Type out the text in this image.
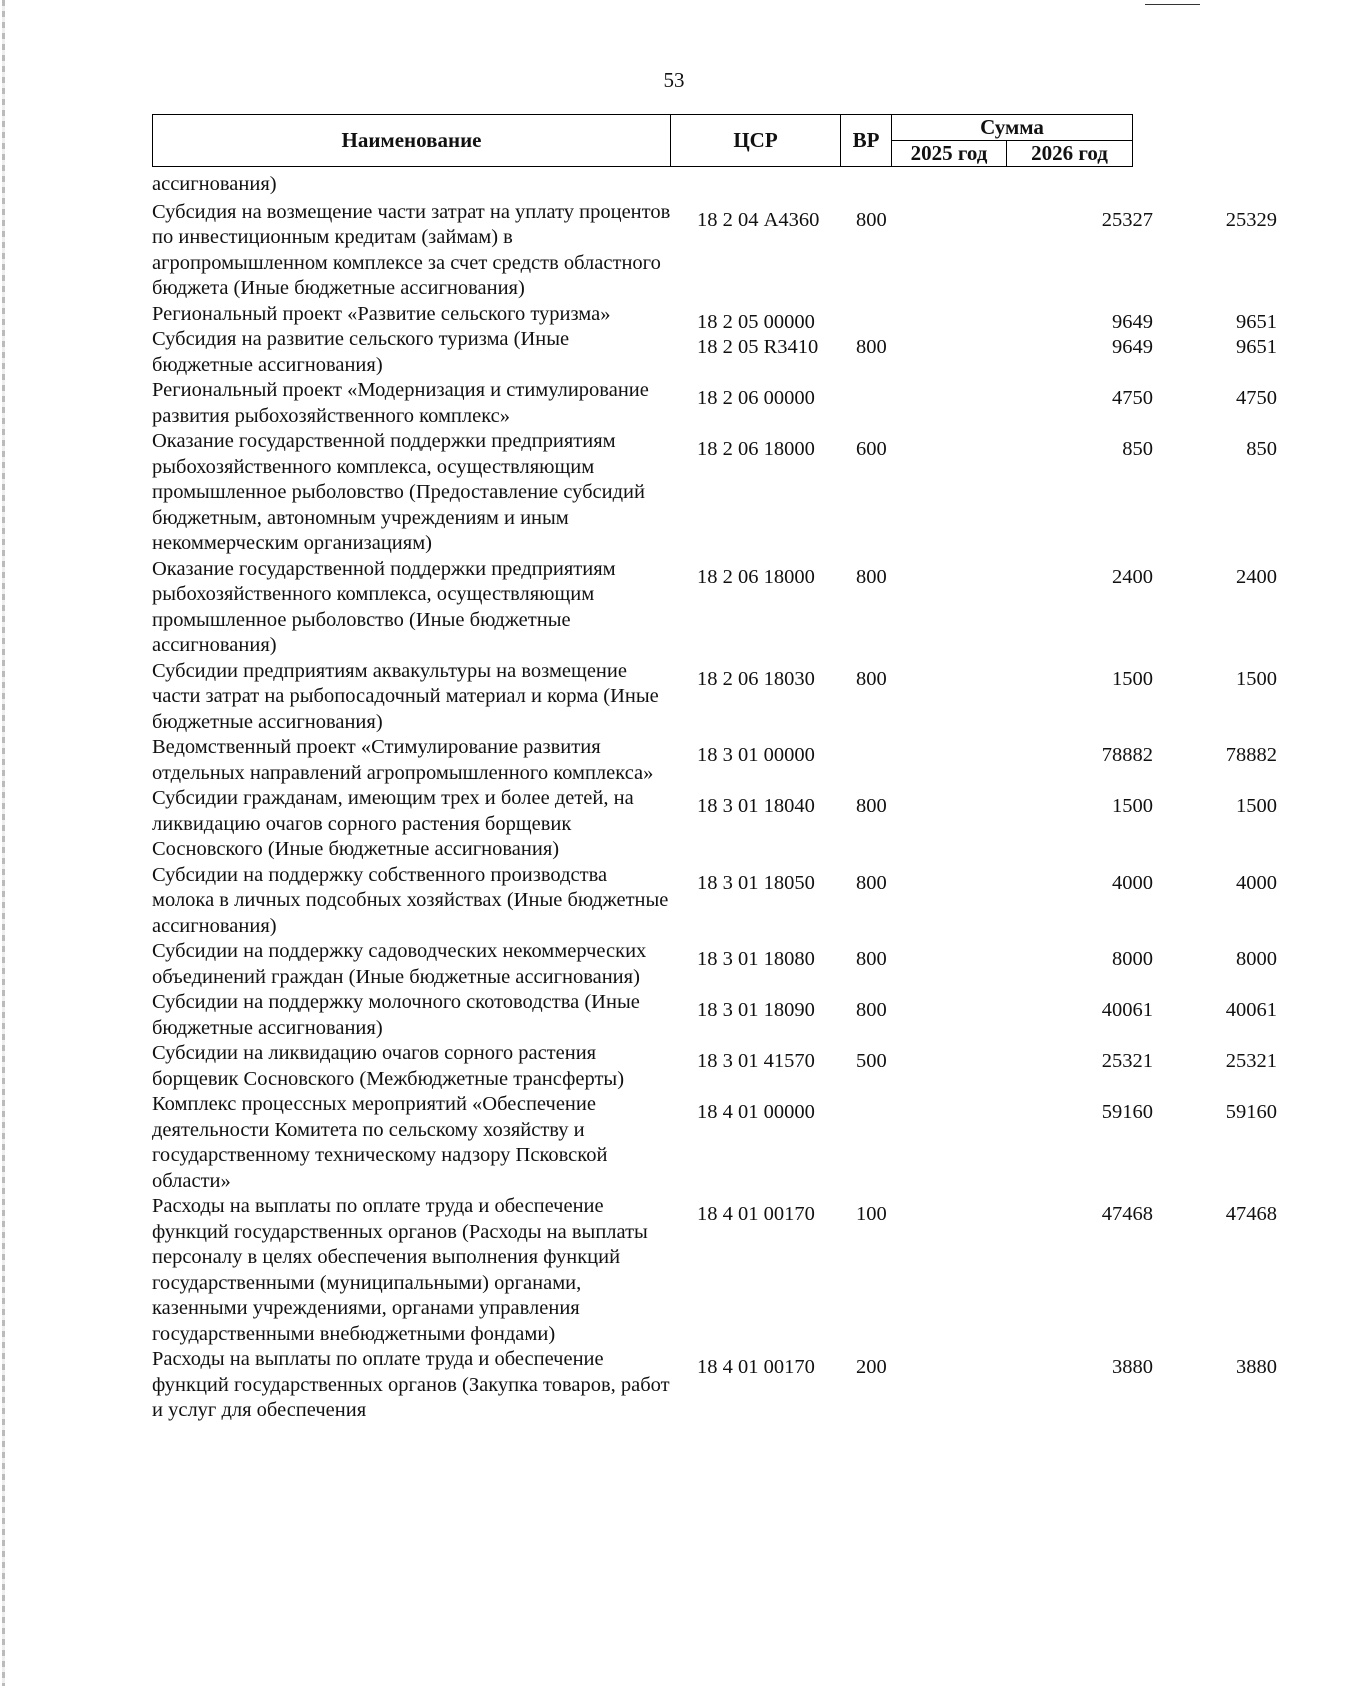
53
Наименование	ЦСР	ВР	Сумма	
			2025 год	2026 год
ассигнования)
Субсидия на возмещение части затрат на уплату процентов по инвестиционным кредитам (займам) в агропромышленном комплексе за счет средств областного бюджета (Иные бюджетные ассигнования)
18 2 04 А4360 800	25327	25329
Региональный проект «Развитие сельского туризма»	18 2 05 00000	9649	9651
Субсидия на развитие сельского туризма (Иные бюджетные ассигнования)
18 2 05 R3410 800	9649	9651
Региональный проект «Модернизация и стимулирование развития рыбохозяйственного комплекс»
18 2 06 00000	4750	4750
Оказание государственной поддержки предприятиям рыбохозяйственного комплекса, осуществляющим промышленное рыболовство (Предоставление субсидий бюджетным, автономным учреждениям и иным некоммерческим организациям)
18 2 06 18000 600	850	850
Оказание государственной поддержки предприятиям рыбохозяйственного комплекса, осуществляющим промышленное рыболовство (Иные бюджетные ассигнования)
18 2 06 18000 800	2400	2400
Субсидии предприятиям аквакультуры на возмещение части затрат на рыбопосадочный материал и корма (Иные бюджетные ассигнования)
18 2 06 18030 800	1500	1500
Ведомственный проект «Стимулирование развития отдельных направлений агропромышленного комплекса»
18 3 01 00000	78882	78882
Субсидии гражданам, имеющим трех и более детей, на ликвидацию очагов сорного растения борщевик Сосновского (Иные бюджетные ассигнования)
18 3 01 18040 800	1500	1500
Субсидии на поддержку собственного производства молока в личных подсобных хозяйствах (Иные бюджетные ассигнования)
18 3 01 18050 800	4000	4000
Субсидии на поддержку садоводческих некоммерческих объединений граждан (Иные бюджетные ассигнования)
18 3 01 18080 800	8000	8000
Субсидии на поддержку молочного скотоводства (Иные бюджетные ассигнования)
18 3 01 18090 800	40061	40061
Субсидии на ликвидацию очагов сорного растения борщевик Сосновского (Межбюджетные трансферты)
18 3 01 41570 500	25321	25321
Комплекс процессных мероприятий «Обеспечение деятельности Комитета по сельскому хозяйству и государственному техническому надзору Псковской области»
18 4 01 00000	59160	59160
Расходы на выплаты по оплате труда и обеспечение функций государственных органов (Расходы на выплаты персоналу в целях обеспечения выполнения функций государственными (муниципальными) органами, казенными учреждениями, органами управления государственными внебюджетными фондами)
18 4 01 00170 100	47468	47468
Расходы на выплаты по оплате труда и обеспечение функций государственных органов (Закупка товаров, работ и услуг для обеспечения
18 4 01 00170 200	3880	3880
